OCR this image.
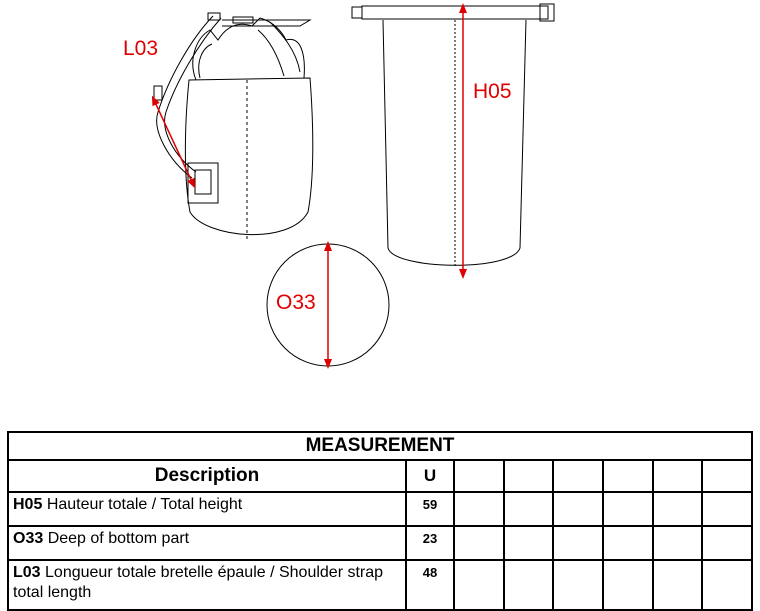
L03
H05
O33
MEASUREMENT							
Description	U						
H05 Hauteur totale / Total height	59						
O33 Deep of bottom part	23						
L03 Longueur totale bretelle épaule / Shoulder strap total length	48						
